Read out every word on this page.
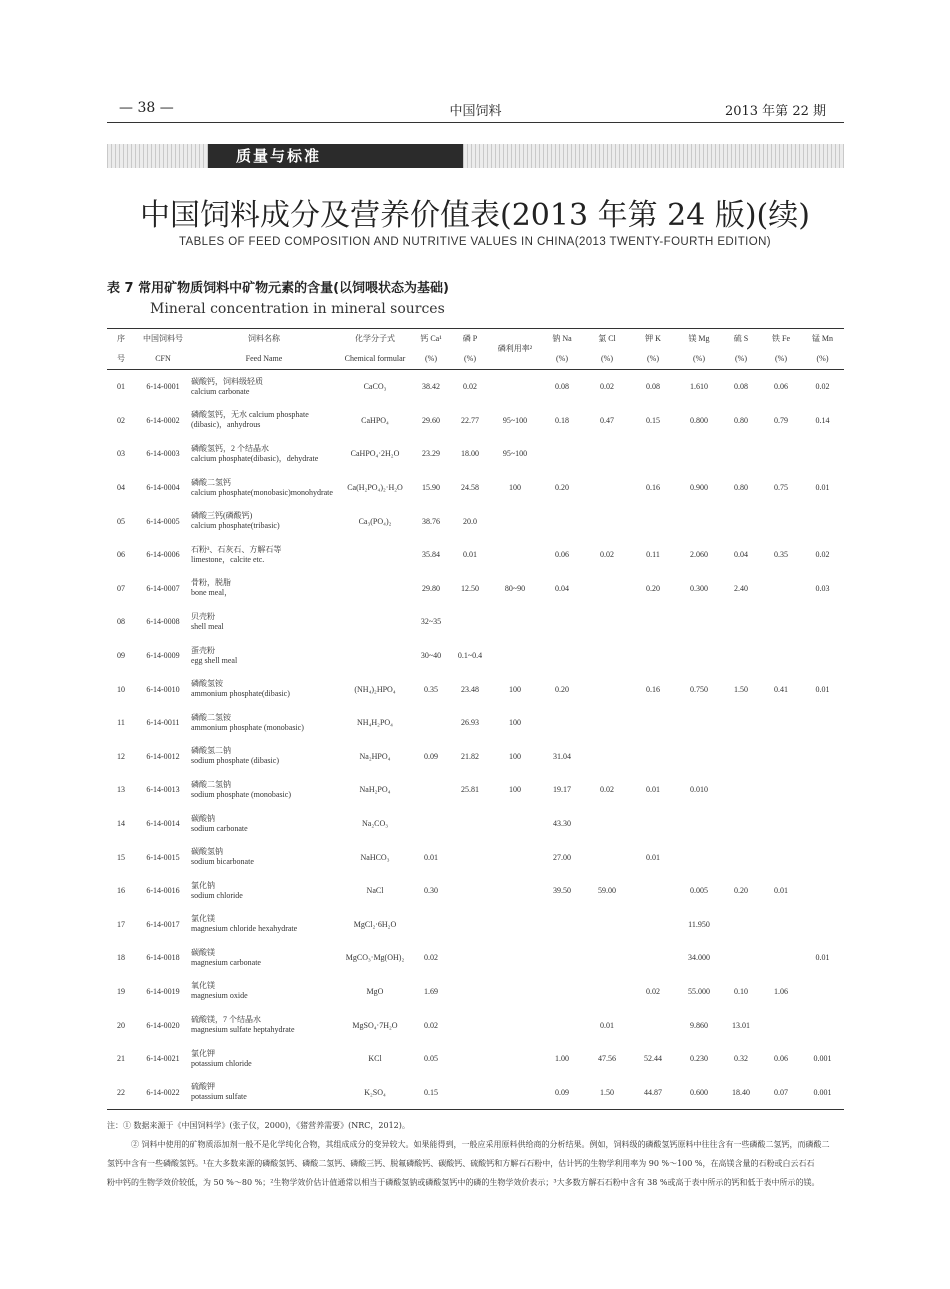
— 38 —	中国饲料	2013 年第 22 期
质量与标准
中国饲料成分及营养价值表(2013 年第 24 版)(续)
TABLES OF FEED COMPOSITION AND NUTRITIVE VALUES IN CHINA(2013 TWENTY-FOURTH EDITION)
表 7 常用矿物质饲料中矿物元素的含量(以饲喂状态为基础)
Mineral concentration in mineral sources
序	中国饲料号	饲料名称	化学分子式	钙 Ca¹	磷 P	磷利用率²	钠 Na	氯 Cl	钾 K	镁 Mg	硫 S	铁 Fe	锰 Mn
号	CFN	Feed Name	Chemical formular	(%)	(%)		(%)	(%)	(%)	(%)	(%)	(%)	(%)
01	6-14-0001	碳酸钙，饲料级轻质
calcium carbonate	CaCO₃	38.42	0.02		0.08	0.02	0.08	1.610	0.08	0.06	0.02
02	6-14-0002	磷酸氢钙，无水 calcium phosphate
(dibasic)，anhydrous	CaHPO₄	29.60	22.77	95~100	0.18	0.47	0.15	0.800	0.80	0.79	0.14
03	6-14-0003	磷酸氢钙，2 个结晶水
calcium phosphate(dibasic)，dehydrate	CaHPO₄·2H₂O	23.29	18.00	95~100							
04	6-14-0004	磷酸二氢钙
calcium phosphate(monobasic)monohydrate	Ca(H₂PO₄)₂·H₂O	15.90	24.58	100	0.20		0.16	0.900	0.80	0.75	0.01
05	6-14-0005	磷酸三钙(磷酸钙)
calcium phosphate(tribasic)	Ca₃(PO₄)₂	38.76	20.0								
06	6-14-0006	石粉³、石灰石、方解石等
limestone，calcite etc.		35.84	0.01		0.06	0.02	0.11	2.060	0.04	0.35	0.02
07	6-14-0007	骨粉，脱脂
bone meal，		29.80	12.50	80~90	0.04		0.20	0.300	2.40		0.03
08	6-14-0008	贝壳粉
shell meal		32~35									
09	6-14-0009	蛋壳粉
egg shell meal		30~40	0.1~0.4								
10	6-14-0010	磷酸氢铵
ammonium phosphate(dibasic)	(NH₄)₂HPO₄	0.35	23.48	100	0.20		0.16	0.750	1.50	0.41	0.01
11	6-14-0011	磷酸二氢铵
ammonium phosphate (monobasic)	NH₄H₂PO₄		26.93	100							
12	6-14-0012	磷酸氢二钠
sodium phosphate (dibasic)	Na₂HPO₄	0.09	21.82	100	31.04						
13	6-14-0013	磷酸二氢钠
sodium phosphate (monobasic)	NaH₂PO₄		25.81	100	19.17	0.02	0.01	0.010			
14	6-14-0014	碳酸钠
sodium carbonate	Na₂CO₃				43.30						
15	6-14-0015	碳酸氢钠
sodium bicarbonate	NaHCO₃	0.01			27.00		0.01				
16	6-14-0016	氯化钠
sodium chloride	NaCl	0.30			39.50	59.00		0.005	0.20	0.01	
17	6-14-0017	氯化镁
magnesium chloride hexahydrate	MgCl₂·6H₂O							11.950			
18	6-14-0018	碳酸镁
magnesium carbonate	MgCO₃·Mg(OH)₂	0.02						34.000			0.01
19	6-14-0019	氧化镁
magnesium oxide	MgO	1.69					0.02	55.000	0.10	1.06	
20	6-14-0020	硫酸镁，7 个结晶水
magnesium sulfate heptahydrate	MgSO₄·7H₂O	0.02				0.01		9.860	13.01		
21	6-14-0021	氯化钾
potassium chloride	KCl	0.05			1.00	47.56	52.44	0.230	0.32	0.06	0.001
22	6-14-0022	硫酸钾
potassium sulfate	K₂SO₄	0.15			0.09	1.50	44.87	0.600	18.40	0.07	0.001
注：① 数据来源于《中国饲料学》(张子仪，2000)，《猪营养需要》(NRC，2012)。
② 饲料中使用的矿物质添加剂一般不是化学纯化合物，其组成成分的变异较大。如果能得到，一般应采用原料供给商的分析结果。例如，饲料级的磷酸氢钙原料中往往含有一些磷酸二氢钙，而磷酸二
氢钙中含有一些磷酸氢钙。¹在大多数来源的磷酸氢钙、磷酸二氢钙、磷酸三钙、脱氟磷酸钙、碳酸钙、硫酸钙和方解石石粉中，估计钙的生物学利用率为 90 %～100 %，在高镁含量的石粉或白云石石
粉中钙的生物学效价较低，为 50 %～80 %；²生物学效价估计值通常以相当于磷酸氢钠或磷酸氢钙中的磷的生物学效价表示；³大多数方解石石粉中含有 38 %或高于表中所示的钙和低于表中所示的镁。
